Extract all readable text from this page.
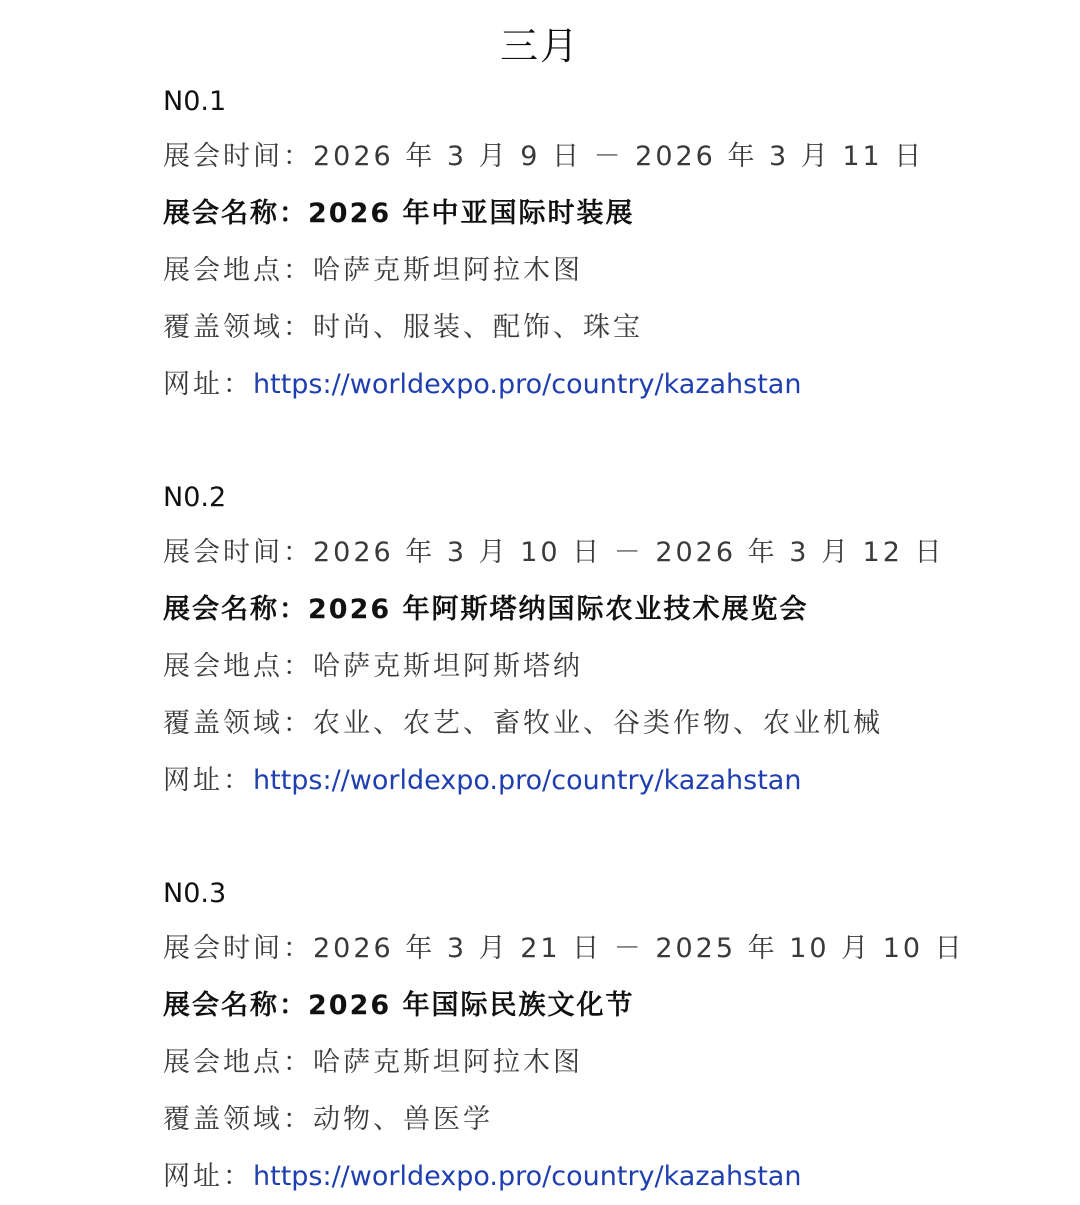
三月
N0.1
展会时间：2026 年 3 月 9 日 － 2026 年 3 月 11 日
展会名称：2026 年中亚国际时装展
展会地点：哈萨克斯坦阿拉木图
覆盖领域：时尚、服装、配饰、珠宝
网址：https://worldexpo.pro/country/kazahstan
N0.2
展会时间：2026 年 3 月 10 日 － 2026 年 3 月 12 日
展会名称：2026 年阿斯塔纳国际农业技术展览会
展会地点：哈萨克斯坦阿斯塔纳
覆盖领域：农业、农艺、畜牧业、谷类作物、农业机械
网址：https://worldexpo.pro/country/kazahstan
N0.3
展会时间：2026 年 3 月 21 日 － 2025 年 10 月 10 日
展会名称：2026 年国际民族文化节
展会地点：哈萨克斯坦阿拉木图
覆盖领域：动物、兽医学
网址：https://worldexpo.pro/country/kazahstan
